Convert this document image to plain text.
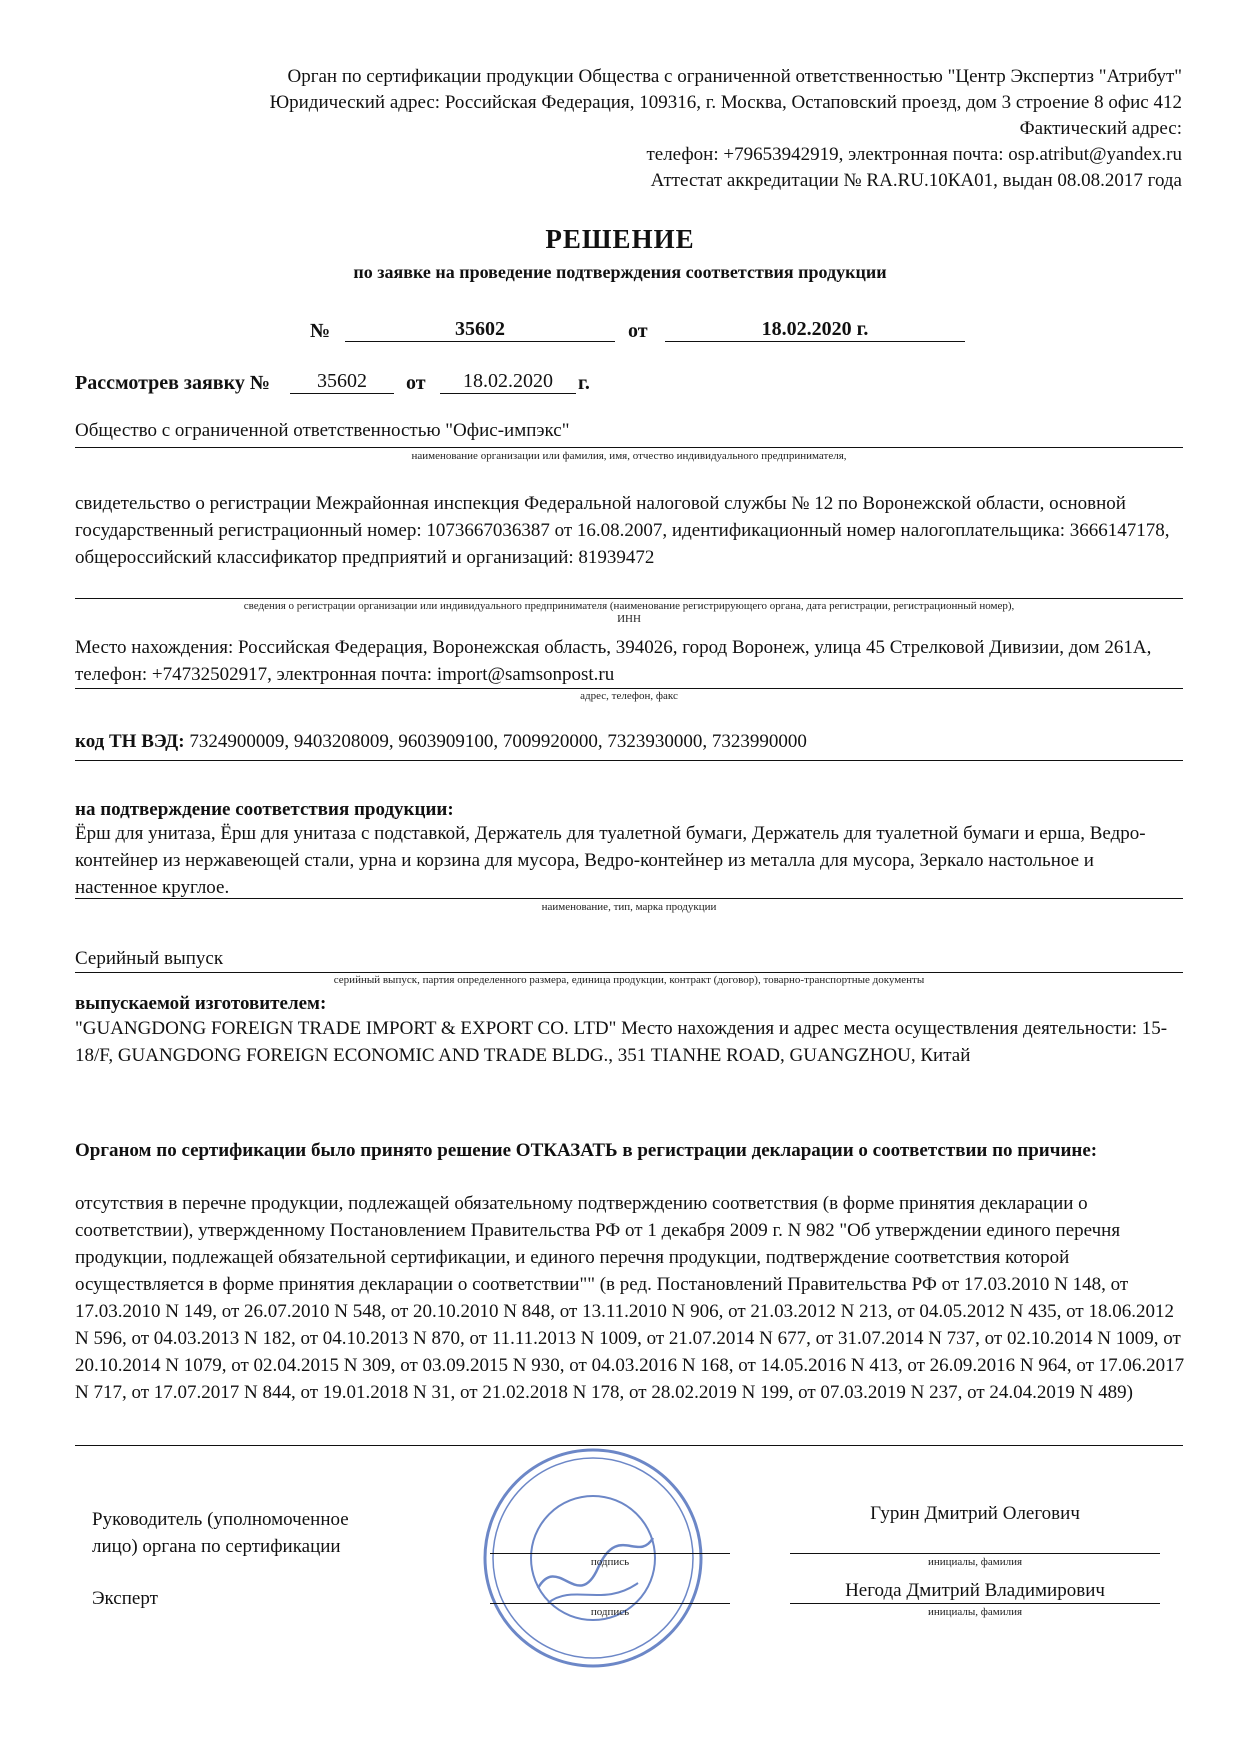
Орган по сертификации продукции Общества с ограниченной ответственностью "Центр Экспертиз "Атрибут"
Юридический адрес: Российская Федерация, 109316, г. Москва, Остаповский проезд, дом 3 строение 8 офис 412
Фактический адрес:
телефон: +79653942919, электронная почта: osp.atribut@yandex.ru
Аттестат аккредитации № RA.RU.10КА01, выдан 08.08.2017 года
РЕШЕНИЕ
по заявке на проведение подтверждения соответствия продукции
№	35602	от	18.02.2020 г.
Рассмотрев заявку №	35602	от	18.02.2020	г.
Общество с ограниченной ответственностью "Офис-импэкс"
наименование организации или фамилия, имя, отчество индивидуального предпринимателя,
свидетельство о регистрации Межрайонная инспекция Федеральной налоговой службы № 12 по Воронежской области, основной государственный регистрационный номер: 1073667036387 от 16.08.2007, идентификационный номер налогоплательщика: 3666147178, общероссийский классификатор предприятий и организаций: 81939472
сведения о регистрации организации или индивидуального предпринимателя (наименование регистрирующего органа, дата регистрации, регистрационный номер),
ИНН
Место нахождения: Российская Федерация, Воронежская область, 394026, город Воронеж, улица 45 Стрелковой Дивизии, дом 261А, телефон: +74732502917, электронная почта: import@samsonpost.ru
адрес, телефон, факс
код ТН ВЭД: 7324900009, 9403208009, 9603909100, 7009920000, 7323930000, 7323990000
на подтверждение соответствия продукции:
Ёрш для унитаза, Ёрш для унитаза с подставкой, Держатель для туалетной бумаги, Держатель для туалетной бумаги и ерша, Ведро-контейнер из нержавеющей стали, урна и корзина для мусора, Ведро-контейнер из металла для мусора, Зеркало настольное и настенное круглое.
наименование, тип, марка продукции
Серийный выпуск
серийный выпуск, партия определенного размера, единица продукции, контракт (договор), товарно-транспортные документы
выпускаемой изготовителем:
"GUANGDONG FOREIGN TRADE IMPORT & EXPORT CO. LTD" Место нахождения и адрес места осуществления деятельности: 15-18/F, GUANGDONG FOREIGN ECONOMIC AND TRADE BLDG., 351 TIANHE ROAD, GUANGZHOU, Китай
Органом по сертификации было принято решение ОТКАЗАТЬ в регистрации декларации о соответствии по причине:
отсутствия в перечне продукции, подлежащей обязательному подтверждению соответствия (в форме принятия декларации о соответствии), утвержденному Постановлением Правительства РФ от 1 декабря 2009 г. N 982 "Об утверждении единого перечня продукции, подлежащей обязательной сертификации, и единого перечня продукции, подтверждение соответствия которой осуществляется в форме принятия декларации о соответствии"" (в ред. Постановлений Правительства РФ от 17.03.2010 N 148, от 17.03.2010 N 149, от 26.07.2010 N 548, от 20.10.2010 N 848, от 13.11.2010 N 906, от 21.03.2012 N 213, от 04.05.2012 N 435, от 18.06.2012 N 596, от 04.03.2013 N 182, от 04.10.2013 N 870, от 11.11.2013 N 1009, от 21.07.2014 N 677, от 31.07.2014 N 737, от 02.10.2014 N 1009, от 20.10.2014 N 1079, от 02.04.2015 N 309, от 03.09.2015 N 930, от 04.03.2016 N 168, от 14.05.2016 N 413, от 26.09.2016 N 964, от 17.06.2017 N 717, от 17.07.2017 N 844, от 19.01.2018 N 31, от 21.02.2018 N 178, от 28.02.2019 N 199, от 07.03.2019 N 237, от 24.04.2019 N 489)
Руководитель (уполномоченное
лицо) органа по сертификации
Гурин Дмитрий Олегович
подпись	инициалы, фамилия
Эксперт	Негода Дмитрий Владимирович
подпись	инициалы, фамилия
